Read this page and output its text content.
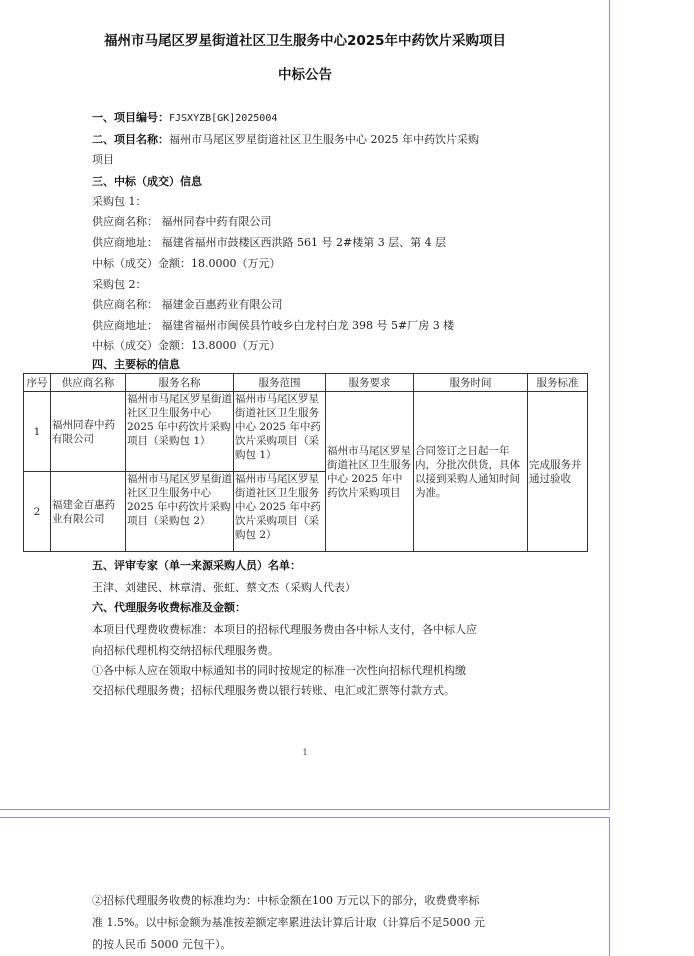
福州市马尾区罗星街道社区卫生服务中心2025年中药饮片采购项目
中标公告
一、项目编号：FJSXYZB[GK]2025004
二、项目名称：福州市马尾区罗星街道社区卫生服务中心 2025 年中药饮片采购
项目
三、中标（成交）信息
采购包 1：
供应商名称： 福州同春中药有限公司
供应商地址： 福建省福州市鼓楼区西洪路 561 号 2#楼第 3 层、第 4 层
中标（成交）金额：18.0000（万元）
采购包 2：
供应商名称： 福建金百惠药业有限公司
供应商地址： 福建省福州市闽侯县竹岐乡白龙村白龙 398 号 5#厂房 3 楼
中标（成交）金额：13.8000（万元）
四、主要标的信息
序号	供应商名称	服务名称	服务范围	服务要求	服务时间	服务标准
1	福州同春中药有限公司	福州市马尾区罗星街道社区卫生服务中心 2025 年中药饮片采购项目（采购包 1）	福州市马尾区罗星街道社区卫生服务中心 2025 年中药饮片采购项目（采购包 1）	福州市马尾区罗星街道社区卫生服务中心 2025 年中药饮片采购项目	合同签订之日起一年内，分批次供货，具体以接到采购人通知时间为准。	完成服务并通过验收
2	福建金百惠药业有限公司	福州市马尾区罗星街道社区卫生服务中心 2025 年中药饮片采购项目（采购包 2）	福州市马尾区罗星街道社区卫生服务中心 2025 年中药饮片采购项目（采购包 2）			
五、评审专家（单一来源采购人员）名单：
王津、刘建民、林章清、张虹、蔡文杰（采购人代表）
六、代理服务收费标准及金额：
本项目代理费收费标准：本项目的招标代理服务费由各中标人支付，各中标人应
向招标代理机构交纳招标代理服务费。
①各中标人应在领取中标通知书的同时按规定的标准一次性向招标代理机构缴
交招标代理服务费；招标代理服务费以银行转账、电汇或汇票等付款方式。
1
②招标代理服务收费的标准均为：中标金额在100 万元以下的部分，收费费率标
准 1.5%。以中标金额为基准按差额定率累进法计算后计取（计算后不足5000 元
的按人民币 5000 元包干）。
